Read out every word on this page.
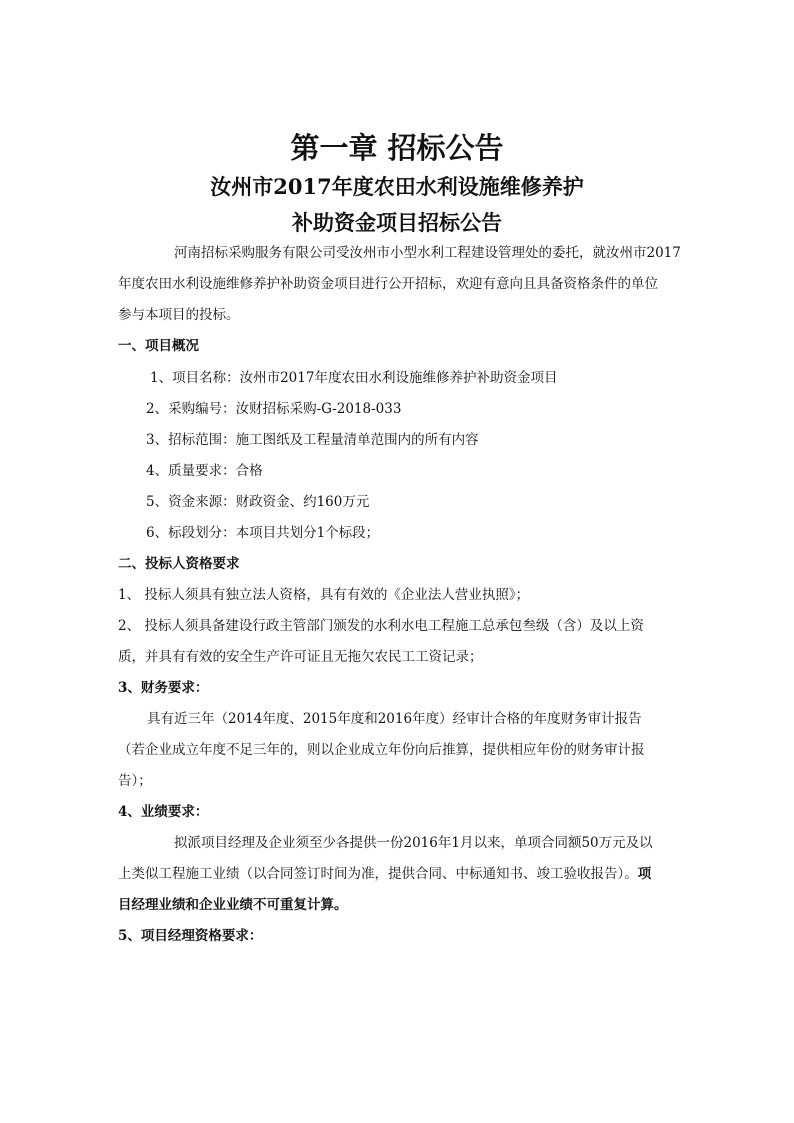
第一章 招标公告
汝州市2017年度农田水利设施维修养护
补助资金项目招标公告
河南招标采购服务有限公司受汝州市小型水利工程建设管理处的委托，就汝州市2017
年度农田水利设施维修养护补助资金项目进行公开招标，欢迎有意向且具备资格条件的单位
参与本项目的投标。
一、项目概况
1、项目名称：汝州市2017年度农田水利设施维修养护补助资金项目
2、采购编号：汝财招标采购-G-2018-033
3、招标范围：施工图纸及工程量清单范围内的所有内容
4、质量要求：合格
5、资金来源：财政资金、约160万元
6、标段划分：本项目共划分1个标段；
二、投标人资格要求
1、 投标人须具有独立法人资格，具有有效的《企业法人营业执照》；
2、 投标人须具备建设行政主管部门颁发的水利水电工程施工总承包叁级（含）及以上资
质，并具有有效的安全生产许可证且无拖欠农民工工资记录；
3、财务要求：
具有近三年（2014年度、2015年度和2016年度）经审计合格的年度财务审计报告
（若企业成立年度不足三年的，则以企业成立年份向后推算，提供相应年份的财务审计报
告）；
4、业绩要求：
拟派项目经理及企业须至少各提供一份2016年1月以来，单项合同额50万元及以
上类似工程施工业绩（以合同签订时间为准，提供合同、中标通知书、竣工验收报告）。项
目经理业绩和企业业绩不可重复计算。
5、项目经理资格要求：
